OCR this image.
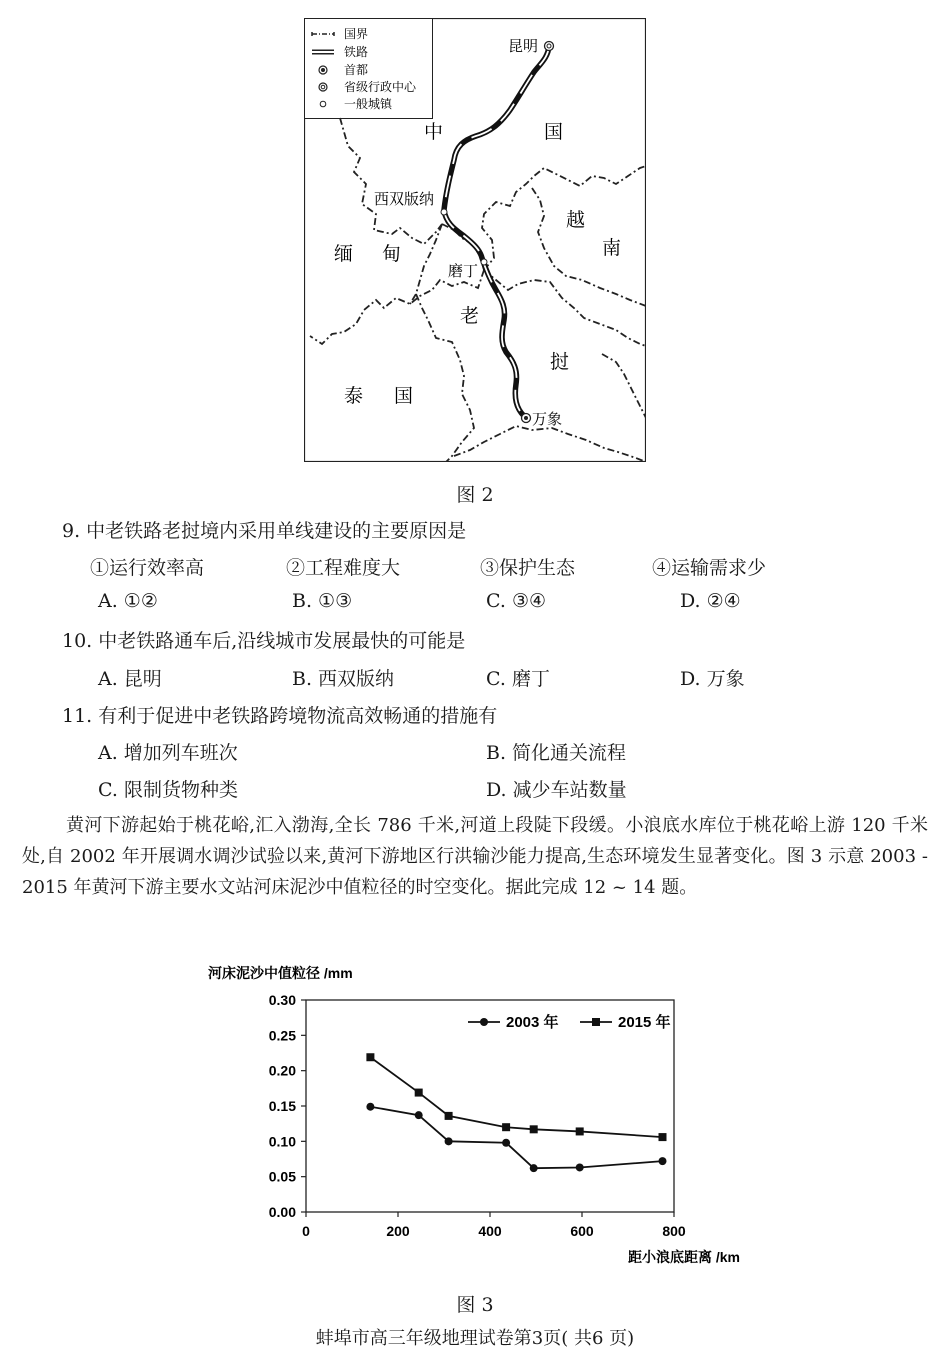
国界
铁路
首都
省级行政中心
一般城镇
昆明
西双版纳
磨丁
万象
中	国
缅 甸
越
南
老
挝
泰 国
图 2
9. 中老铁路老挝境内采用单线建设的主要原因是
①运行效率高	②工程难度大	③保护生态	④运输需求少
A. ①②	B. ①③	C. ③④	D. ②④
10. 中老铁路通车后,沿线城市发展最快的可能是
A. 昆明	B. 西双版纳	C. 磨丁	D. 万象
11. 有利于促进中老铁路跨境物流高效畅通的措施有
A. 增加列车班次	B. 简化通关流程
C. 限制货物种类	D. 减少车站数量
黄河下游起始于桃花峪,汇入渤海,全长 786 千米,河道上段陡下段缓。小浪底水库位于桃花峪上游 120 千米处,自 2002 年开展调水调沙试验以来,黄河下游地区行洪输沙能力提高,生态环境发生显著变化。图 3 示意 2003 - 2015 年黄河下游主要水文站河床泥沙中值粒径的时空变化。据此完成 12 ~ 14 题。
河床泥沙中值粒径 /mm
0.00
0.05
0.10
0.15
0.20
0.25
0.30
0	200	400	600	800
距小浪底距离 /km
2003 年	2015 年
图 3
蚌埠市高三年级地理试卷第3页( 共6 页)
